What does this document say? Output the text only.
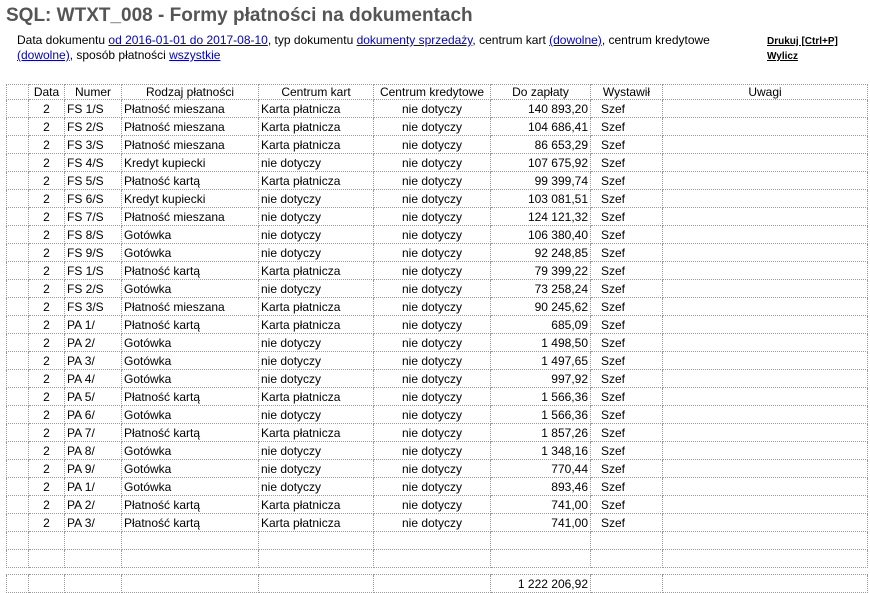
SQL: WTXT_008 - Formy płatności na dokumentach
Data dokumentu od 2016-01-01 do 2017-08-10, typ dokumentu dokumenty sprzedaży, centrum kart (dowolne), centrum kredytowe (dowolne), sposób płatności wszystkie
Drukuj [Ctrl+P]
Wylicz
	Data	Numer	Rodzaj płatności	Centrum kart	Centrum kredytowe	Do zapłaty	Wystawił	Uwagi
	2	FS 1/S	Płatność mieszana	Karta płatnicza	nie dotyczy	140 893,20	Szef	
	2	FS 2/S	Płatność mieszana	Karta płatnicza	nie dotyczy	104 686,41	Szef	
	2	FS 3/S	Płatność mieszana	Karta płatnicza	nie dotyczy	86 653,29	Szef	
	2	FS 4/S	Kredyt kupiecki	nie dotyczy	nie dotyczy	107 675,92	Szef	
	2	FS 5/S	Płatność kartą	Karta płatnicza	nie dotyczy	99 399,74	Szef	
	2	FS 6/S	Kredyt kupiecki	nie dotyczy	nie dotyczy	103 081,51	Szef	
	2	FS 7/S	Płatność mieszana	nie dotyczy	nie dotyczy	124 121,32	Szef	
	2	FS 8/S	Gotówka	nie dotyczy	nie dotyczy	106 380,40	Szef	
	2	FS 9/S	Gotówka	nie dotyczy	nie dotyczy	92 248,85	Szef	
	2	FS 1/S	Płatność kartą	Karta płatnicza	nie dotyczy	79 399,22	Szef	
	2	FS 2/S	Gotówka	nie dotyczy	nie dotyczy	73 258,24	Szef	
	2	FS 3/S	Płatność mieszana	Karta płatnicza	nie dotyczy	90 245,62	Szef	
	2	PA 1/	Płatność kartą	Karta płatnicza	nie dotyczy	685,09	Szef	
	2	PA 2/	Gotówka	nie dotyczy	nie dotyczy	1 498,50	Szef	
	2	PA 3/	Gotówka	nie dotyczy	nie dotyczy	1 497,65	Szef	
	2	PA 4/	Gotówka	nie dotyczy	nie dotyczy	997,92	Szef	
	2	PA 5/	Płatność kartą	Karta płatnicza	nie dotyczy	1 566,36	Szef	
	2	PA 6/	Gotówka	nie dotyczy	nie dotyczy	1 566,36	Szef	
	2	PA 7/	Płatność kartą	Karta płatnicza	nie dotyczy	1 857,26	Szef	
	2	PA 8/	Gotówka	nie dotyczy	nie dotyczy	1 348,16	Szef	
	2	PA 9/	Gotówka	nie dotyczy	nie dotyczy	770,44	Szef	
	2	PA 1/	Gotówka	nie dotyczy	nie dotyczy	893,46	Szef	
	2	PA 2/	Płatność kartą	Karta płatnicza	nie dotyczy	741,00	Szef	
	2	PA 3/	Płatność kartą	Karta płatnicza	nie dotyczy	741,00	Szef	

						1 222 206,92		
